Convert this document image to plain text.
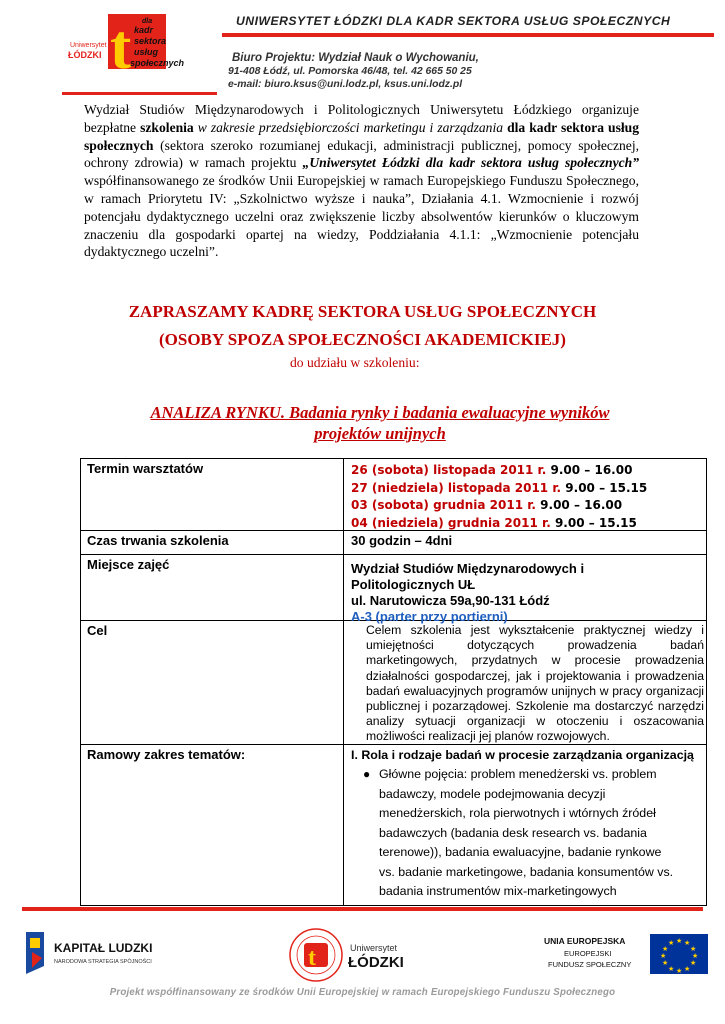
Uniwersytet
ŁÓDZKI t dla
kadr
sektora
usług
społecznych
UNIWERSYTET ŁÓDZKI DLA KADR SEKTORA USŁUG SPOŁECZNYCH
Biuro Projektu: Wydział Nauk o Wychowaniu,
91-408 Łódź, ul. Pomorska 46/48, tel. 42 665 50 25
e-mail: biuro.ksus@uni.lodz.pl, ksus.uni.lodz.pl
Wydział Studiów Międzynarodowych i Politologicznych Uniwersytetu Łódzkiego organizuje bezpłatne szkolenia w zakresie przedsiębiorczości marketingu i zarządzania dla kadr sektora usług społecznych (sektora szeroko rozumianej edukacji, administracji publicznej, pomocy społecznej, ochrony zdrowia) w ramach projektu „Uniwersytet Łódzki dla kadr sektora usług społecznych” współfinansowanego ze środków Unii Europejskiej w ramach Europejskiego Funduszu Społecznego, w ramach Priorytetu IV: „Szkolnictwo wyższe i nauka”, Działania 4.1. Wzmocnienie i rozwój potencjału dydaktycznego uczelni oraz zwiększenie liczby absolwentów kierunków o kluczowym znaczeniu dla gospodarki opartej na wiedzy, Poddziałania 4.1.1: „Wzmocnienie potencjału dydaktycznego uczelni”.
ZAPRASZAMY KADRĘ SEKTORA USŁUG SPOŁECZNYCH
(OSOBY SPOZA SPOŁECZNOŚCI AKADEMICKIEJ)
do udziału w szkoleniu:
ANALIZA RYNKU. Badania rynky i badania ewaluacyjne wyników projektów unijnych
Termin warsztatów	26 (sobota) listopada 2011 r. 9.00 – 16.00
27 (niedziela) listopada 2011 r. 9.00 – 15.15
03 (sobota) grudnia 2011 r. 9.00 – 16.00
04 (niedziela) grudnia 2011 r. 9.00 – 15.15
Czas trwania szkolenia	30 godzin – 4dni
Miejsce zajęć	Wydział Studiów Międzynarodowych i
Politologicznych UŁ
ul. Narutowicza 59a,90-131 Łódź
A-3 (parter przy portierni)
Cel	Celem szkolenia jest wykształcenie praktycznej wiedzy i umiejętności dotyczących prowadzenia badań marketingowych, przydatnych w procesie prowadzenia działalności gospodarczej, jak i projektowania i prowadzenia badań ewaluacyjnych programów unijnych w pracy organizacji publicznej i pozarządowej. Szkolenie ma dostarczyć narzędzi analizy sytuacji organizacji w otoczeniu i oszacowania możliwości realizacji jej planów rozwojowych.
Ramowy zakres tematów:	I. Rola i rodzaje badań w procesie zarządzania organizacją
● Główne pojęcia: problem menedżerski vs. problem badawczy, modele podejmowania decyzji menedżerskich, rola pierwotnych i wtórnych źródeł badawczych (badania desk research vs. badania terenowe)), badania ewaluacyjne, badanie rynkowe vs. badanie marketingowe, badania konsumentów vs. badania instrumentów mix-marketingowych
KAPITAŁ LUDZKI
NARODOWA STRATEGIA SPÓJNOŚCI	t	Uniwersytet
ŁÓDZKI
UNIA EUROPEJSKA
EUROPEJSKI
FUNDUSZ SPOŁECZNY
★ ★
★
★
★
★
★
★
★
★
★
★
Projekt współfinansowany ze środków Unii Europejskiej w ramach Europejskiego Funduszu Społecznego
